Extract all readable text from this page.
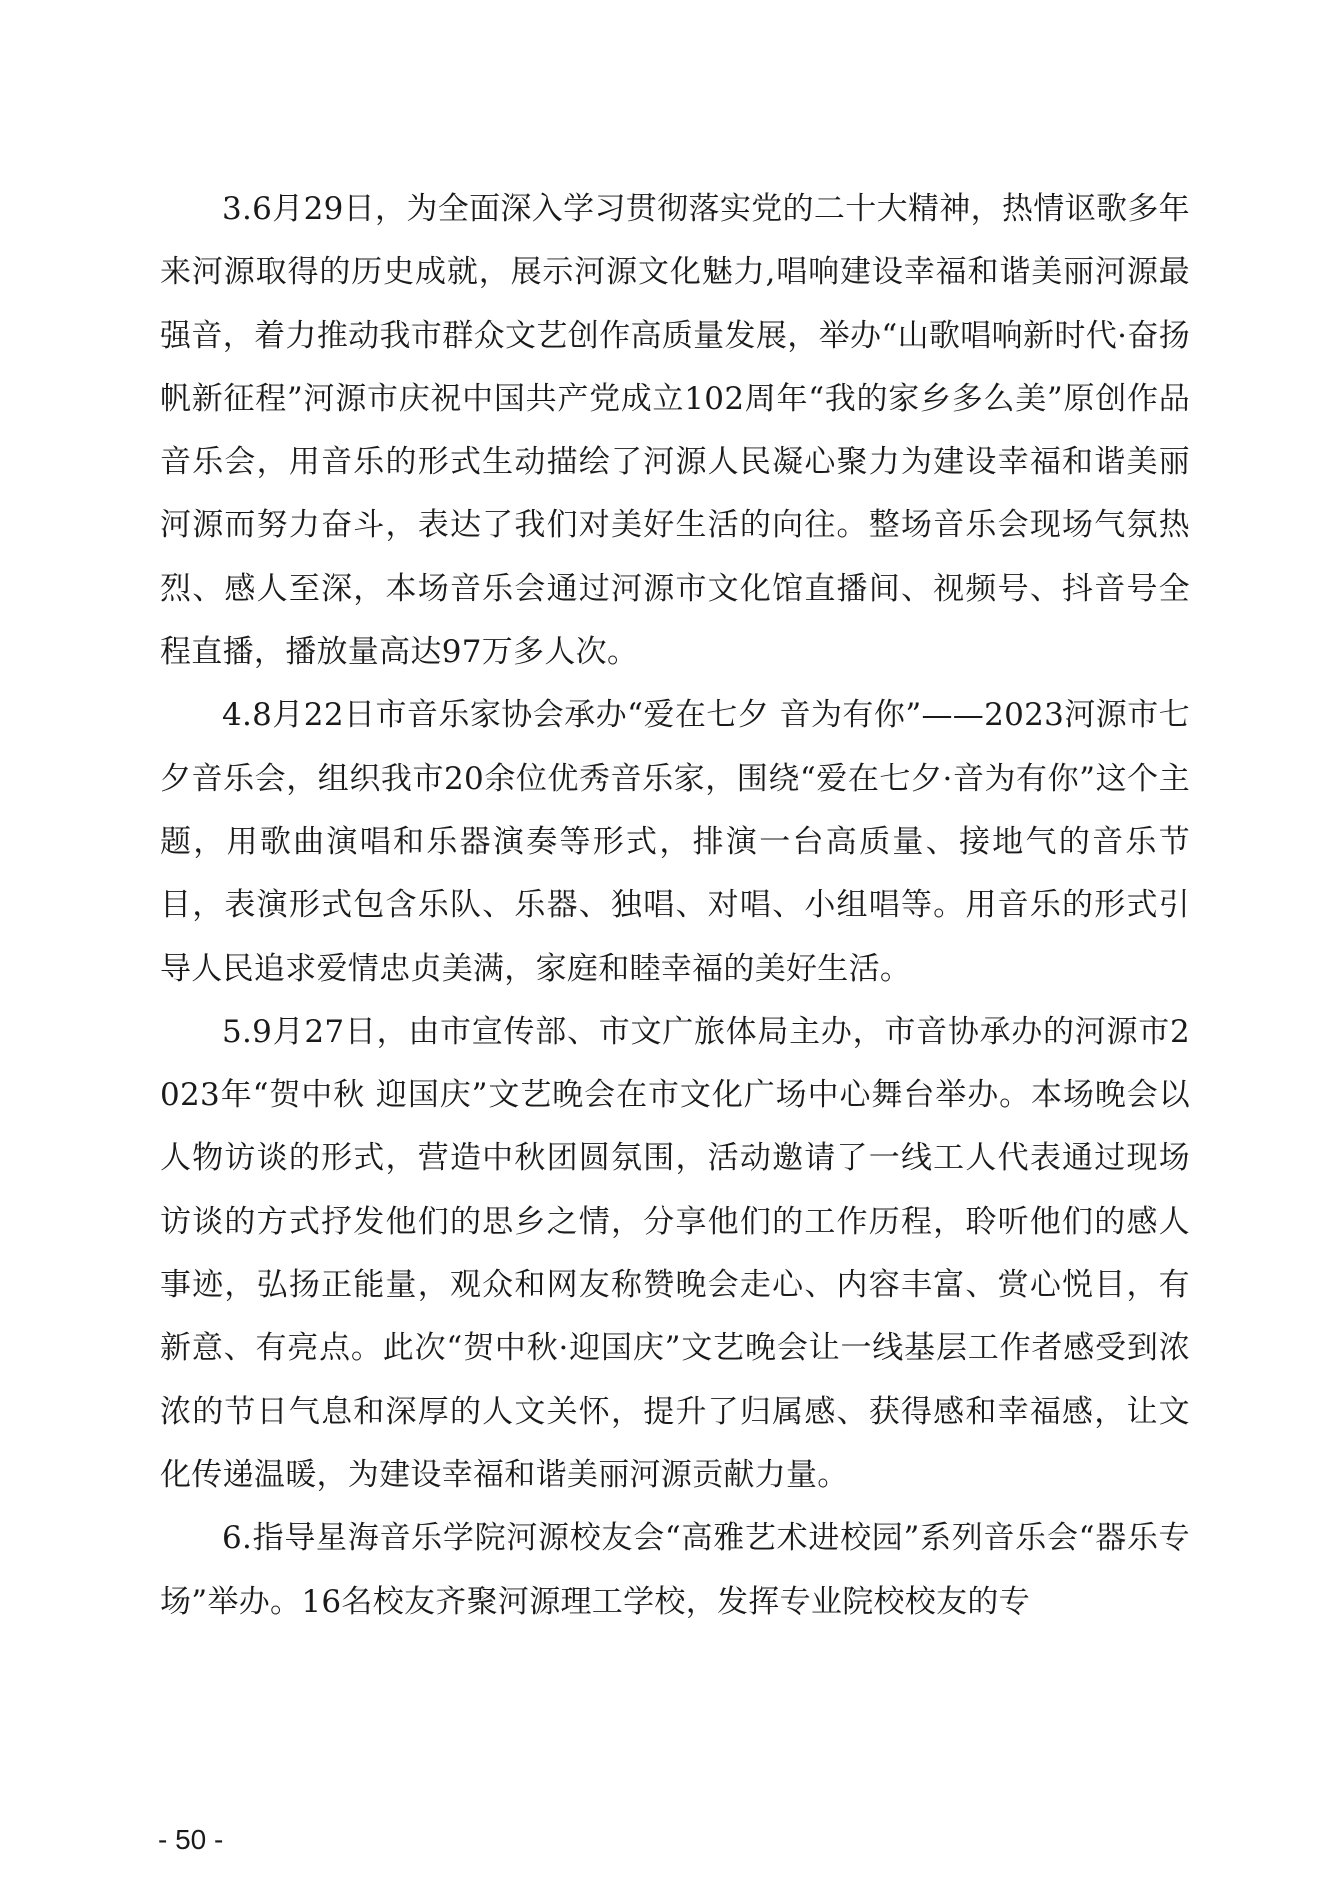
3.6月29日，为全面深入学习贯彻落实党的二十大精神，热情讴歌多年来河源取得的历史成就，展示河源文化魅力,唱响建设幸福和谐美丽河源最强音，着力推动我市群众文艺创作高质量发展，举办“山歌唱响新时代·奋扬帆新征程”河源市庆祝中国共产党成立102周年“我的家乡多么美”原创作品音乐会，用音乐的形式生动描绘了河源人民凝心聚力为建设幸福和谐美丽河源而努力奋斗，表达了我们对美好生活的向往。整场音乐会现场气氛热烈、感人至深，本场音乐会通过河源市文化馆直播间、视频号、抖音号全程直播，播放量高达97万多人次。

4.8月22日市音乐家协会承办“爱在七夕 音为有你”——2023河源市七夕音乐会，组织我市20余位优秀音乐家，围绕“爱在七夕·音为有你”这个主题，用歌曲演唱和乐器演奏等形式，排演一台高质量、接地气的音乐节目，表演形式包含乐队、乐器、独唱、对唱、小组唱等。用音乐的形式引导人民追求爱情忠贞美满，家庭和睦幸福的美好生活。

5.9月27日，由市宣传部、市文广旅体局主办，市音协承办的河源市2023年“贺中秋 迎国庆”文艺晚会在市文化广场中心舞台举办。本场晚会以人物访谈的形式，营造中秋团圆氛围，活动邀请了一线工人代表通过现场访谈的方式抒发他们的思乡之情，分享他们的工作历程，聆听他们的感人事迹，弘扬正能量，观众和网友称赞晚会走心、内容丰富、赏心悦目，有新意、有亮点。此次“贺中秋·迎国庆”文艺晚会让一线基层工作者感受到浓浓的节日气息和深厚的人文关怀，提升了归属感、获得感和幸福感，让文化传递温暖，为建设幸福和谐美丽河源贡献力量。

6.指导星海音乐学院河源校友会“高雅艺术进校园”系列音乐会“器乐专场”举办。16名校友齐聚河源理工学校，发挥专业院校校友的专

- 50 -
